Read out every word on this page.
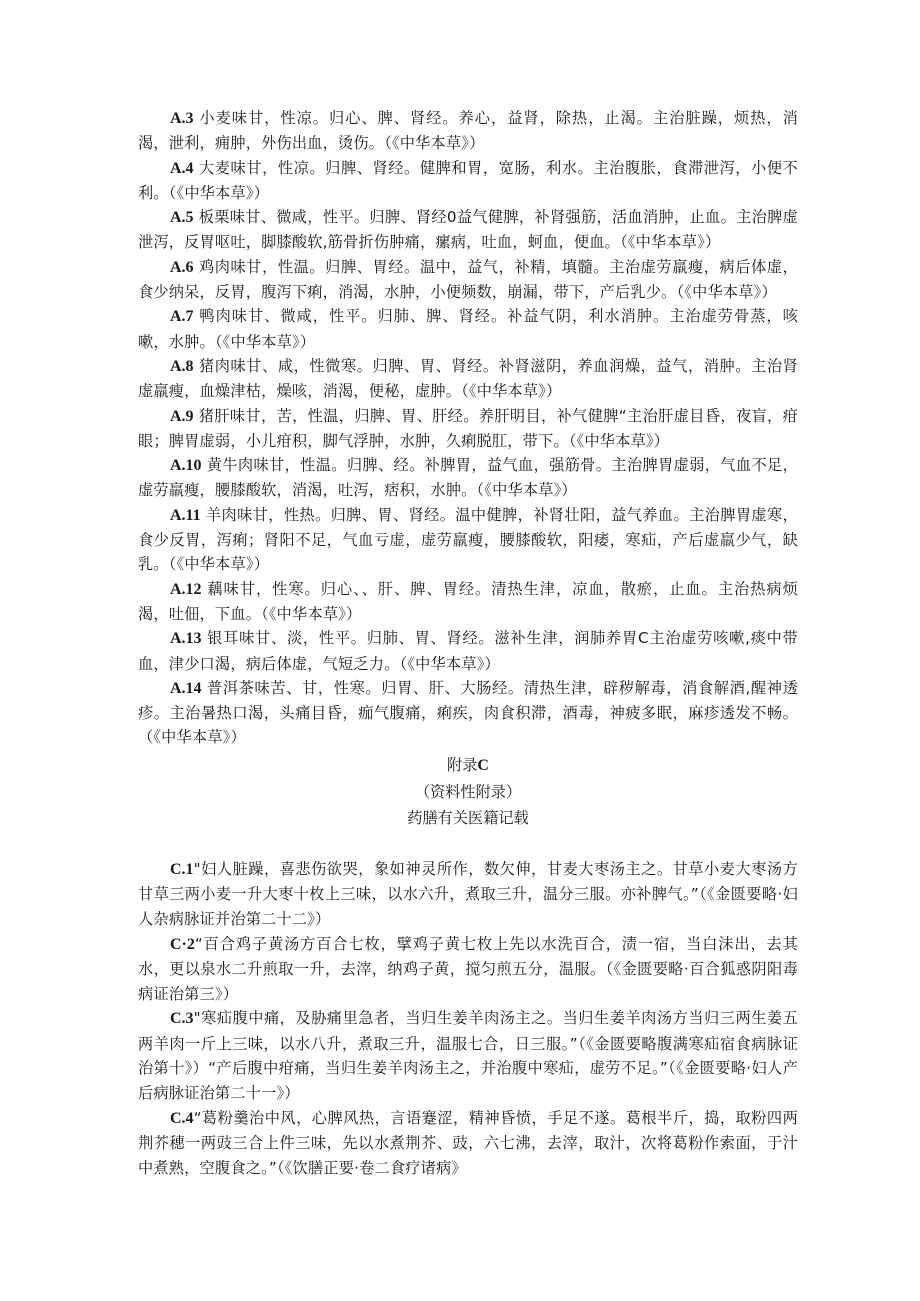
A.3 小麦味甘，性凉。归心、脾、肾经。养心，益肾，除热，止渴。主治脏躁，烦热，消渴，泄利，痈肿，外伤出血，烫伤。（《中华本草》）

A.4 大麦味甘，性凉。归脾、肾经。健脾和胃，宽肠，利水。主治腹胀，食滞泄泻，小便不利。（《中华本草》）

A.5 板栗味甘、微咸，性平。归脾、肾经0益气健脾，补肾强筋，活血消肿，止血。主治脾虚泄泻，反胃呕吐，脚膝酸软,筋骨折伤肿痛，瘰病，吐血，蚵血，便血。（《中华本草》）

A.6 鸡肉味甘，性温。归脾、胃经。温中，益气，补精，填髓。主治虚劳羸瘦，病后体虚，食少纳呆，反胃，腹泻下痢，消渴，水肿，小便频数，崩漏，带下，产后乳少。（《中华本草》）

A.7 鸭肉味甘、微咸，性平。归肺、脾、肾经。补益气阴，利水消肿。主治虚劳骨蒸，咳嗽，水肿。（《中华本草》）

A.8 猪肉味甘、咸，性微寒。归脾、胃、肾经。补肾滋阴，养血润燥，益气，消肿。主治肾虚羸瘦，血燥津枯，燥咳，消渴，便秘，虚肿。（《中华本草》）

A.9 猪肝味甘，苦，性温，归脾、胃、肝经。养肝明目，补气健脾“主治肝虚目昏，夜盲，疳眼；脾胃虚弱，小儿疳积，脚气浮肿，水肿，久痢脱肛，带下。（《中华本草》）

A.10 黄牛肉味甘，性温。归脾、经。补脾胃，益气血，强筋骨。主治脾胃虚弱，气血不足，虚劳羸瘦，腰膝酸软，消渴，吐泻，痞积，水肿。（《中华本草》）

A.11 羊肉味甘，性热。归脾、胃、肾经。温中健脾，补肾壮阳，益气养血。主治脾胃虚寒，食少反胃，泻痢；肾阳不足，气血亏虚，虚劳羸瘦，腰膝酸软，阳痿，寒疝，产后虚羸少气，缺乳。（《中华本草》）

A.12 藕味甘，性寒。归心、、肝、脾、胃经。清热生津，凉血，散瘀，止血。主治热病烦渴，吐佃，下血。（《中华本草》）

A.13 银耳味甘、淡，性平。归肺、胃、肾经。滋补生津，润肺养胃C主治虚劳咳嗽,痰中带血，津少口渴，病后体虚，气短乏力。（《中华本草》）

A.14 普洱茶味苦、甘，性寒。归胃、肝、大肠经。清热生津，辟秽解毒，消食解酒,醒神透疹。主治暑热口渴，头痛目昏，痂气腹痛，痢疾，肉食积滞，酒毒，神疲多眠，麻疹透发不畅。（《中华本草》）

附录C

（资料性附录）

药膳有关医籍记载

C.1"妇人脏躁，喜悲伤欲哭，象如神灵所作，数欠伸，甘麦大枣汤主之。甘草小麦大枣汤方甘草三两小麦一升大枣十枚上三味，以水六升，煮取三升，温分三服。亦补脾气。”（《金匮要略·妇人杂病脉证并治第二十二》）

C·2“百合鸡子黄汤方百合七枚，擘鸡子黄七枚上先以水洗百合，渍一宿，当白沫出，去其水，更以泉水二升煎取一升，去滓，纳鸡子黄，搅匀煎五分，温服。（《金匮要略·百合狐惑阴阳毒病证治第三》）

C.3"寒疝腹中痛，及胁痛里急者，当归生姜羊肉汤主之。当归生姜羊肉汤方当归三两生姜五两羊肉一斤上三味，以水八升，煮取三升，温服七合，日三服。”（《金匮要略腹满寒疝宿食病脉证治第十》）“产后腹中疳痛，当归生姜羊肉汤主之，并治腹中寒疝，虚劳不足。”（《金匮要略·妇人产后病脉证治第二十一》）

C.4“葛粉羹治中风，心脾风热，言语蹇涩，精神昏愤，手足不遂。葛根半斤，捣，取粉四两荆芥穗一两豉三合上件三味，先以水煮荆芥、豉，六七沸，去滓，取汁，次将葛粉作索面，于汁中煮熟，空腹食之。”（《饮膳正要·卷二食疗诸病》
